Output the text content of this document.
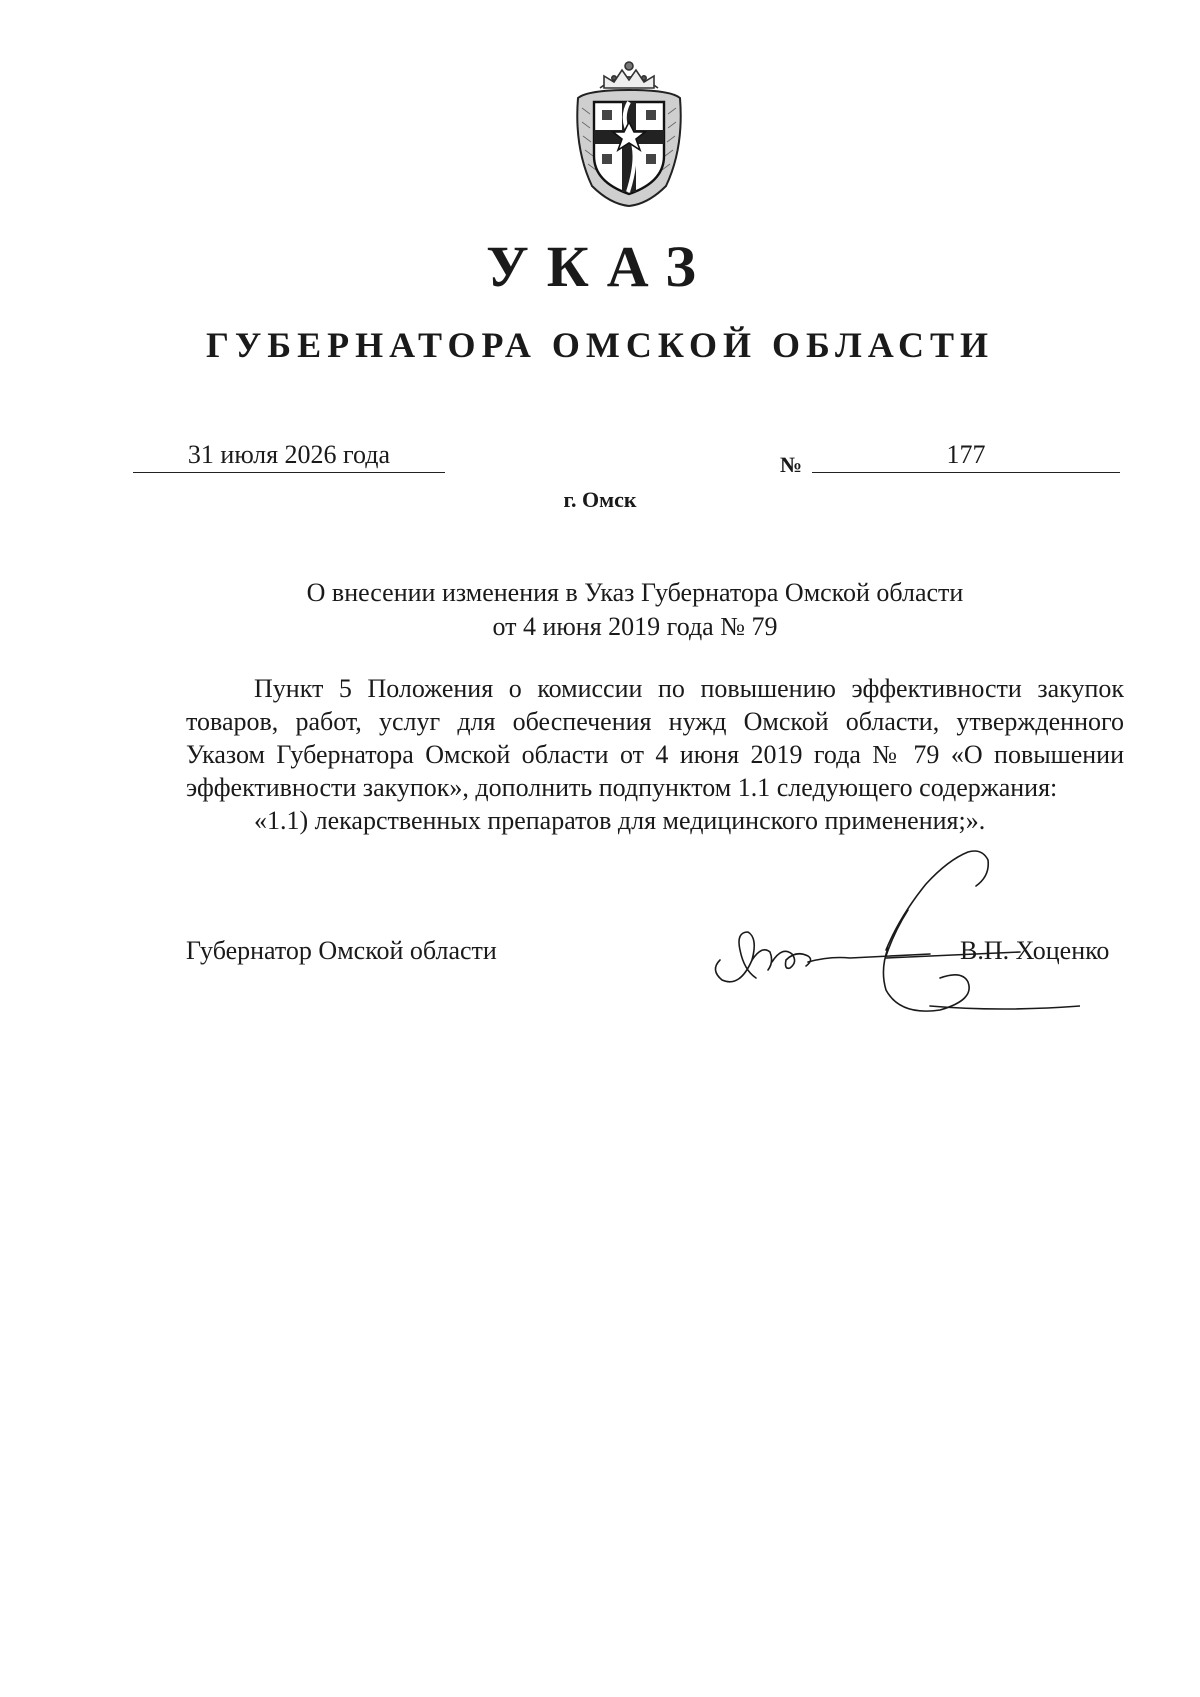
УКАЗ
ГУБЕРНАТОРА ОМСКОЙ ОБЛАСТИ
31 июля 2026 года	№	177
г. Омск
О внесении изменения в Указ Губернатора Омской области
от 4 июня 2019 года № 79

Пункт 5 Положения о комиссии по повышению эффективности закупок товаров, работ, услуг для обеспечения нужд Омской области, утвержденного Указом Губернатора Омской области от 4 июня 2019 года № 79 «О повышении эффективности закупок», дополнить подпунктом 1.1 следующего содержания:

«1.1) лекарственных препаратов для медицинского применения;».

Губернатор Омской области	В.П. Хоценко
